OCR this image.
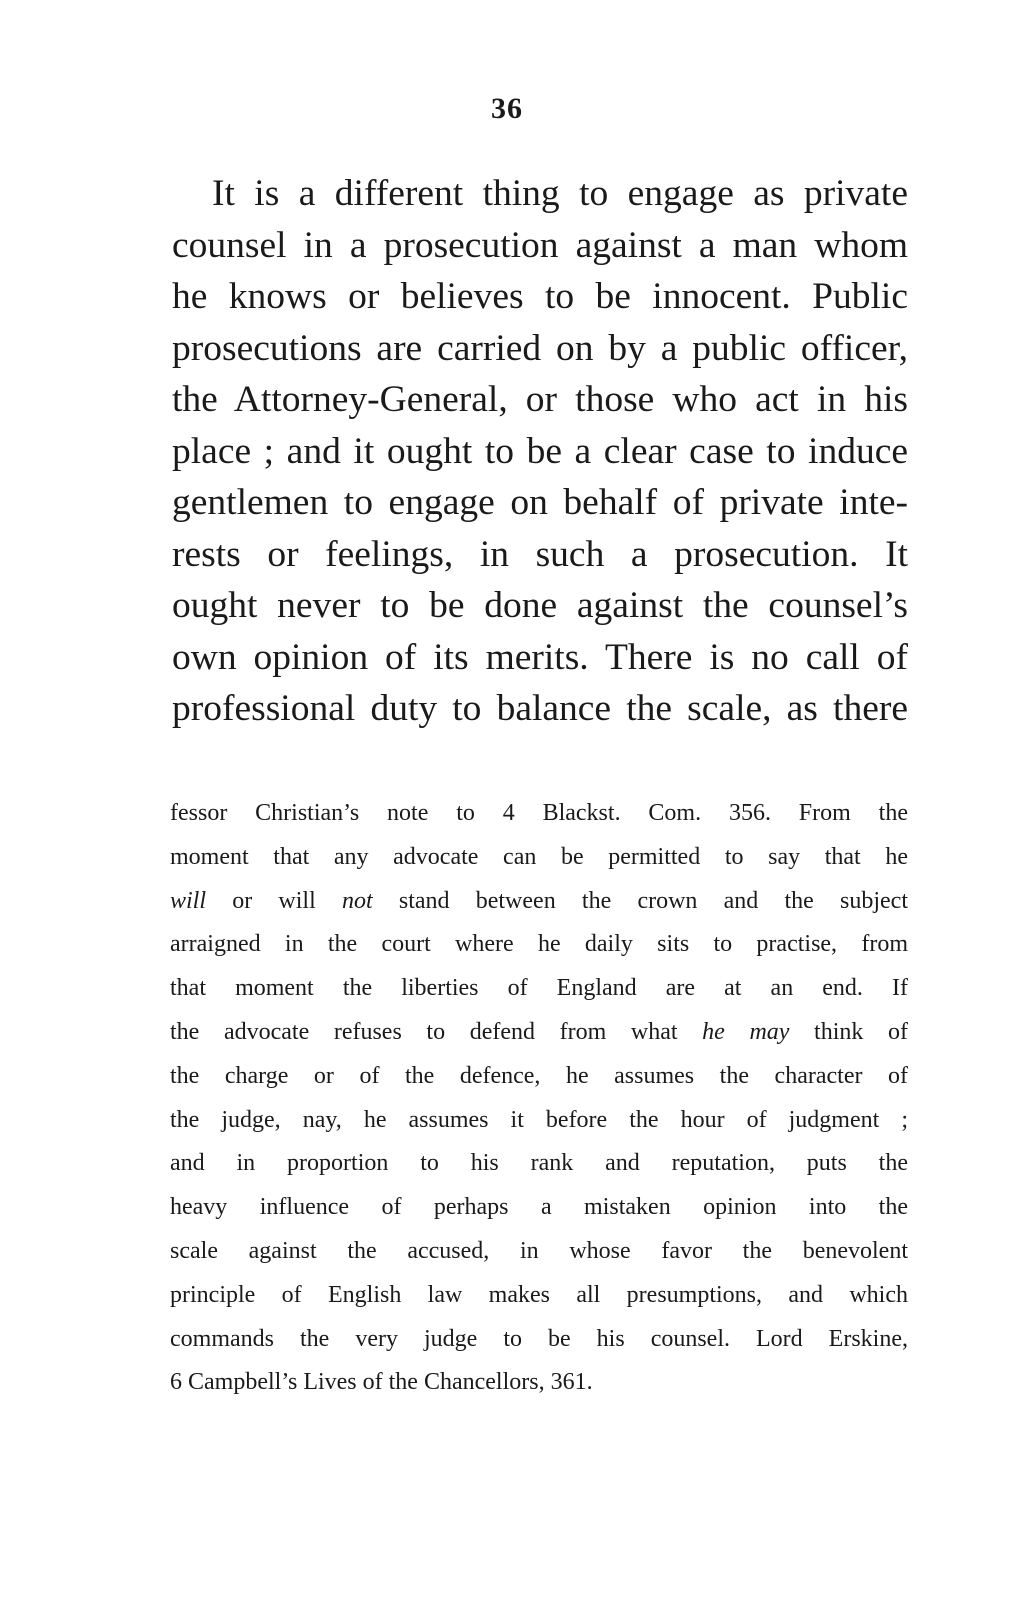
36
It is a different thing to engage as private
counsel in a prosecution against a man whom
he knows or believes to be innocent. Public
prosecutions are carried on by a public officer,
the Attorney-General, or those who act in his
place ; and it ought to be a clear case to induce
gentlemen to engage on behalf of private inte-
rests or feelings, in such a prosecution. It
ought never to be done against the counsel’s
own opinion of its merits. There is no call of
professional duty to balance the scale, as there
fessor Christian’s note to 4 Blackst. Com. 356. From the
moment that any advocate can be permitted to say that he
will or will not stand between the crown and the subject
arraigned in the court where he daily sits to practise, from
that moment the liberties of England are at an end. If
the advocate refuses to defend from what he may think of
the charge or of the defence, he assumes the character of
the judge, nay, he assumes it before the hour of judgment ;
and in proportion to his rank and reputation, puts the
heavy influence of perhaps a mistaken opinion into the
scale against the accused, in whose favor the benevolent
principle of English law makes all presumptions, and which
commands the very judge to be his counsel. Lord Erskine,
6 Campbell’s Lives of the Chancellors, 361.
